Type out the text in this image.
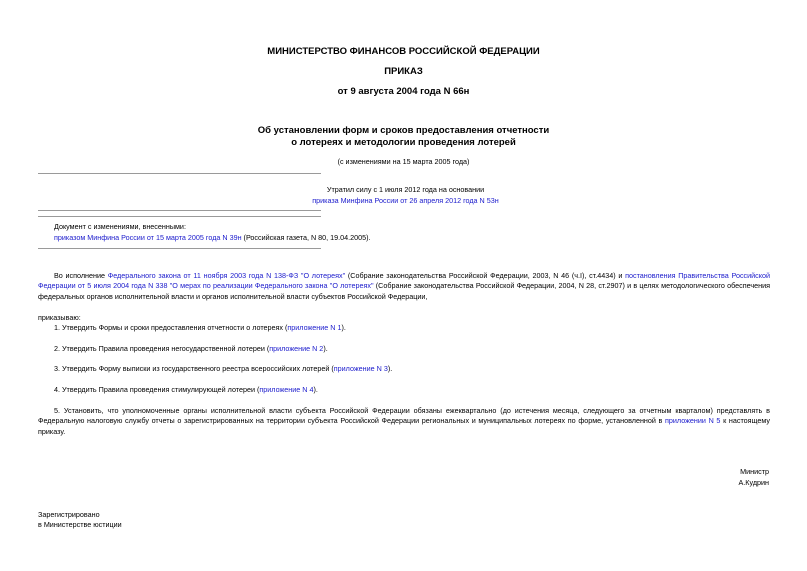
МИНИСТЕРСТВО ФИНАНСОВ РОССИЙСКОЙ ФЕДЕРАЦИИ
ПРИКАЗ
от 9 августа 2004 года N 66н
Об установлении форм и сроков предоставления отчетности
о лотереях и методологии проведения лотерей
(с изменениями на 15 марта 2005 года)
Утратил силу с 1 июля 2012 года на основании
приказа Минфина России от 26 апреля 2012 года N 53н
Документ с изменениями, внесенными:
приказом Минфина России от 15 марта 2005 года N 39н (Российская газета, N 80, 19.04.2005).
Во исполнение Федерального закона от 11 ноября 2003 года N 138-ФЗ "О лотереях" (Собрание законодательства Российской Федерации, 2003, N 46 (ч.I), ст.4434) и постановления Правительства Российской Федерации от 5 июля 2004 года N 338 "О мерах по реализации Федерального закона "О лотереях" (Собрание законодательства Российской Федерации, 2004, N 28, ст.2907) и в целях методологического обеспечения федеральных органов исполнительной власти и органов исполнительной власти субъектов Российской Федерации,
приказываю:
1. Утвердить Формы и сроки предоставления отчетности о лотереях (приложение N 1).
2. Утвердить Правила проведения негосударственной лотереи (приложение N 2).
3. Утвердить Форму выписки из государственного реестра всероссийских лотерей (приложение N 3).
4. Утвердить Правила проведения стимулирующей лотереи (приложение N 4).
5. Установить, что уполномоченные органы исполнительной власти субъекта Российской Федерации обязаны ежеквартально (до истечения месяца, следующего за отчетным кварталом) представлять в Федеральную налоговую службу отчеты о зарегистрированных на территории субъекта Российской Федерации региональных и муниципальных лотереях по форме, установленной в приложении N 5 к настоящему приказу.
Министр
А.Кудрин
Зарегистрировано
в Министерстве юстиции
